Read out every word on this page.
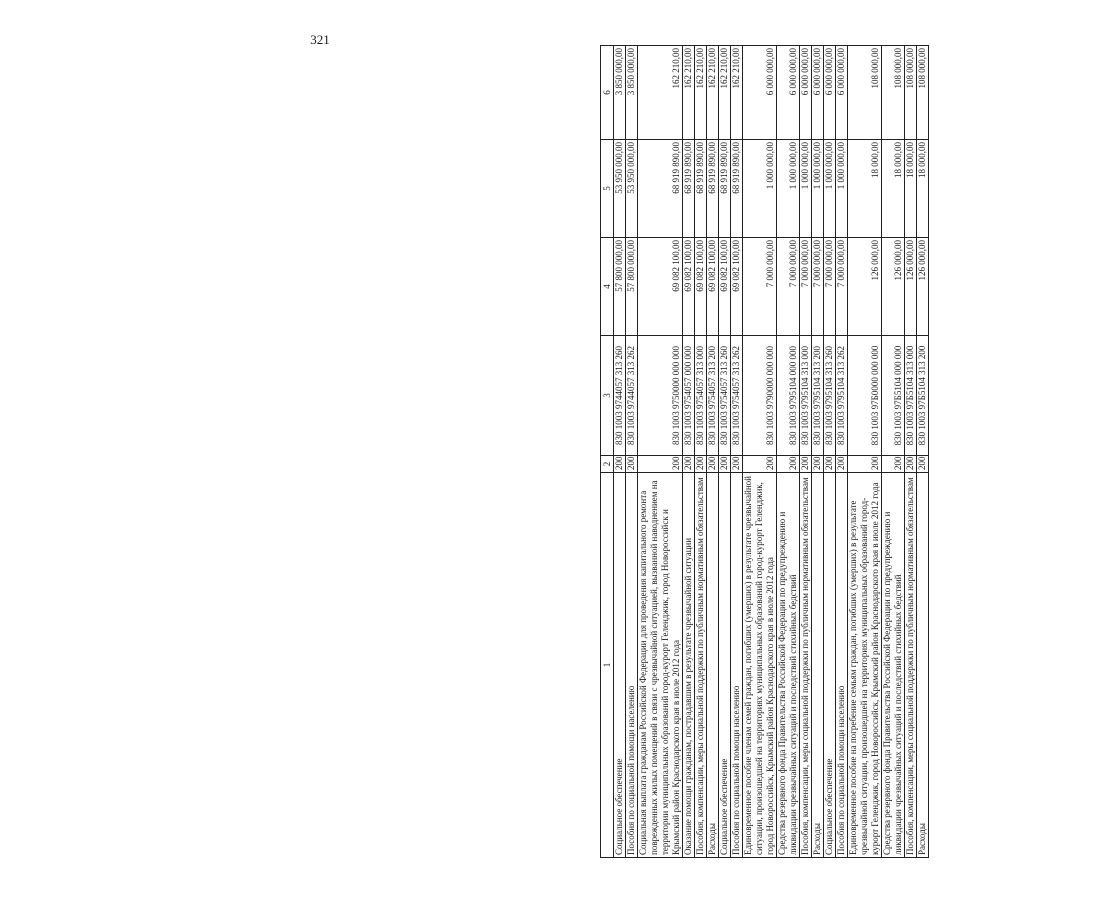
321
1	2	3	4	5	6
Социальное обеспечение	200	830 1003 9744057 313 260	57 800 000,00	53 950 000,00	3 850 000,00
Пособия по социальной помощи населению	200	830 1003 9744057 313 262	57 800 000,00	53 950 000,00	3 850 000,00
Социальная выплата гражданам Российской Федерации для проведения капитального ремонта поврежденных жилых помещений в связи с чрезвычайной ситуацией, вызванной наводнением на территории муниципальных образований город-курорт Геленджик, город Новороссийск и Крымский район Краснодарского края в июле 2012 года	200	830 1003 9750000 000 000	69 082 100,00	68 919 890,00	162 210,00
Оказание помощи гражданам, пострадавшим в результате чрезвычайной ситуации	200	830 1003 9754057 000 000	69 082 100,00	68 919 890,00	162 210,00
Пособия, компенсации, меры социальной поддержки по публичным нормативным обязательствам	200	830 1003 9754057 313 000	69 082 100,00	68 919 890,00	162 210,00
Расходы	200	830 1003 9754057 313 200	69 082 100,00	68 919 890,00	162 210,00
Социальное обеспечение	200	830 1003 9754057 313 260	69 082 100,00	68 919 890,00	162 210,00
Пособия по социальной помощи населению	200	830 1003 9754057 313 262	69 082 100,00	68 919 890,00	162 210,00
Единовременное пособие членам семей граждан, погибших (умерших) в результате чрезвычайной ситуации, произошедшей на территориях муниципальных образований город-курорт Геленджик, город Новороссийск, Крымский район Краснодарского края в июле 2012 года	200	830 1003 9790000 000 000	7 000 000,00	1 000 000,00	6 000 000,00
Средства резервного фонда Правительства Российской Федерации по предупреждению и ликвидации чрезвычайных ситуаций и последствий стихийных бедствий	200	830 1003 9795104 000 000	7 000 000,00	1 000 000,00	6 000 000,00
Пособия, компенсации, меры социальной поддержки по публичным нормативным обязательствам	200	830 1003 9795104 313 000	7 000 000,00	1 000 000,00	6 000 000,00
Расходы	200	830 1003 9795104 313 200	7 000 000,00	1 000 000,00	6 000 000,00
Социальное обеспечение	200	830 1003 9795104 313 260	7 000 000,00	1 000 000,00	6 000 000,00
Пособия по социальной помощи населению	200	830 1003 9795104 313 262	7 000 000,00	1 000 000,00	6 000 000,00
Единовременное пособие на погребение семьям граждан, погибших (умерших) в результате чрезвычайной ситуации, произошедшей на территориях муниципальных образований город-курорт Геленджик, город Новороссийск, Крымский район Краснодарского края в июле 2012 года	200	830 1003 97Б0000 000 000	126 000,00	18 000,00	108 000,00
Средства резервного фонда Правительства Российской Федерации по предупреждению и ликвидации чрезвычайных ситуаций и последствий стихийных бедствий	200	830 1003 97Б5104 000 000	126 000,00	18 000,00	108 000,00
Пособия, компенсации, меры социальной поддержки по публичным нормативным обязательствам	200	830 1003 97Б5104 313 000	126 000,00	18 000,00	108 000,00
Расходы	200	830 1003 97Б5104 313 200	126 000,00	18 000,00	108 000,00
